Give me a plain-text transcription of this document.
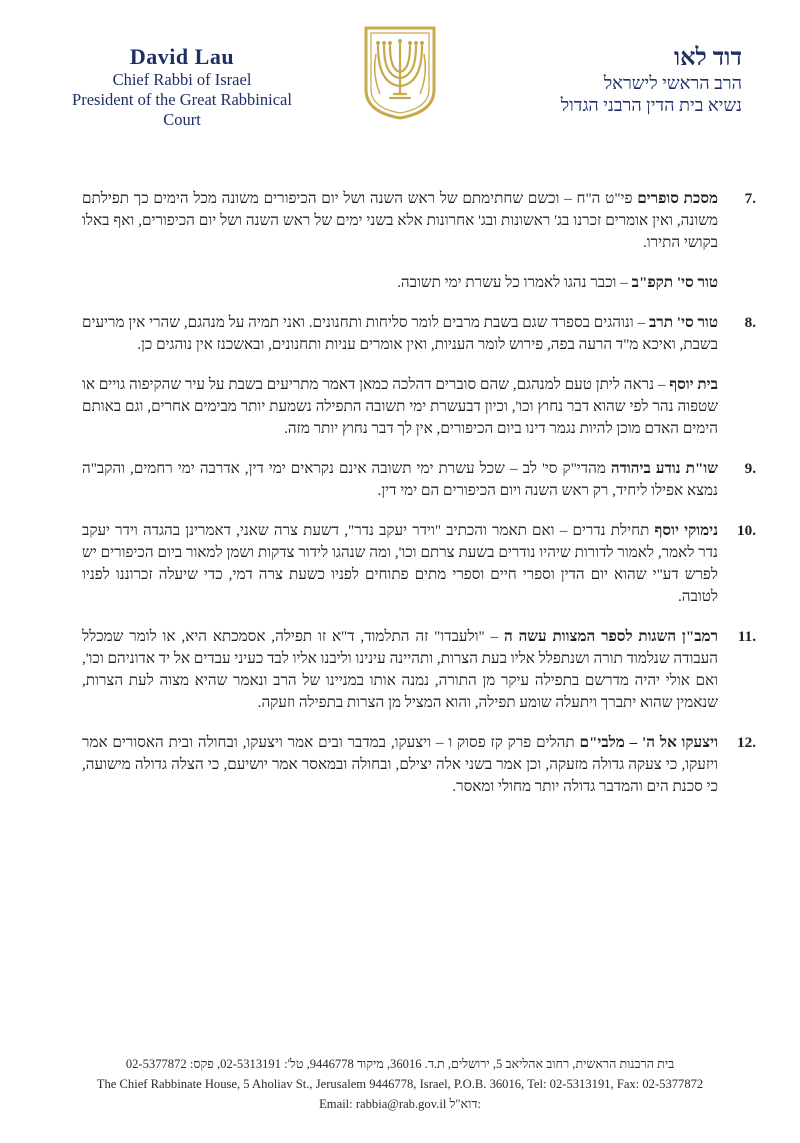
David Lau
Chief Rabbi of Israel
President of the Great Rabbinical Court
דוד לאו
הרב הראשי לישראל
נשיא בית הדין הרבני הגדול

7.
מסכת סופרים פי"ט ה"ח – וכשם שחתימתם של ראש השנה ושל יום הכיפורים משונה מכל הימים כך תפילתם משונה, ואין אומרים זכרנו בג' ראשונות ובג' אחרונות אלא בשני ימים של ראש השנה ושל יום הכיפורים, ואף באלו בקושי התירו.

טור סי' תקפ"ב – וכבר נהגו לאמרו כל עשרת ימי תשובה.

8.
טור סי' תרב – ונוהגים בספרד שגם בשבת מרבים לומר סליחות ותחנונים. ואני תמיה על מנהגם, שהרי אין מריעים בשבת, ואיכא מ"ד הרעה בפה, פירוש לומר העניות, ואין אומרים עניות ותחנונים, ובאשכנז אין נוהגים כן.

בית יוסף – נראה ליתן טעם למנהגם, שהם סוברים דהלכה כמאן דאמר מתריעים בשבת על עיר שהקיפוה גויים או שטפוה נהר לפי שהוא דבר נחוץ וכו', וכיון דבעשרת ימי תשובה התפילה נשמעת יותר מבימים אחרים, וגם באותם הימים האדם מוכן להיות נגמר דינו ביום הכיפורים, אין לך דבר נחוץ יותר מזה.

9.
שו"ת נודע ביהודה מהדי"ק סי' לב – שכל עשרת ימי תשובה אינם נקראים ימי דין, אדרבה ימי רחמים, והקב"ה נמצא אפילו ליחיד, רק ראש השנה ויום הכיפורים הם ימי דין.

10.
נימוקי יוסף תחילת נדרים – ואם תאמר והכתיב "וידר יעקב נדר", דשעת צרה שאני, דאמרינן בהגדה וידר יעקב נדר לאמר, לאמור לדורות שיהיו נודרים בשעת צרתם וכו', ומה שנהגו לידור צדקות ושמן למאור ביום הכיפורים יש לפרש דע"י שהוא יום הדין וספרי חיים וספרי מתים פתוחים לפניו כשעת צרה דמי, כדי שיעלה זכרוננו לפניו לטובה.

11.
רמב"ן השגות לספר המצוות עשה ה – "ולעבדו" זה התלמוד, ד"א זו תפילה, אסמכתא היא, או לומר שמכלל העבודה שנלמוד תורה ושנתפלל אליו בעת הצרות, ותהיינה עינינו וליבנו אליו לבד כעיני עבדים אל יד אדוניהם וכו', ואם אולי יהיה מדרשם בתפילה עיקר מן התורה, נמנה אותו במניינו של הרב ונאמר שהיא מצוה לעת הצרות, שנאמין שהוא יתברך ויתעלה שומע תפילה, והוא המציל מן הצרות בתפילה וזעקה.

12.
ויצעקו אל ה' – מלבי"ם תהלים פרק קז פסוק ו – ויצעקו, במדבר ובים אמר ויצעקו, ובחולה ובית האסורים אמר ויזעקו, כי צעקה גדולה מזעקה, וכן אמר בשני אלה יצילם, ובחולה ובמאסר אמר יושיעם, כי הצלה גדולה מישועה, כי סכנת הים והמדבר גדולה יותר מחולי ומאסר.

בית הרבנות הראשית, רחוב אהליאב 5, ירושלים, ת.ד. 36016, מיקוד 9446778, טל': 02-5313191, פקס: 02-5377872
The Chief Rabbinate House, 5 Aholiav St., Jerusalem 9446778, Israel, P.O.B. 36016, Tel: 02-5313191, Fax: 02-5377872
Email: rabbia@rab.gov.il דוא"ל:
